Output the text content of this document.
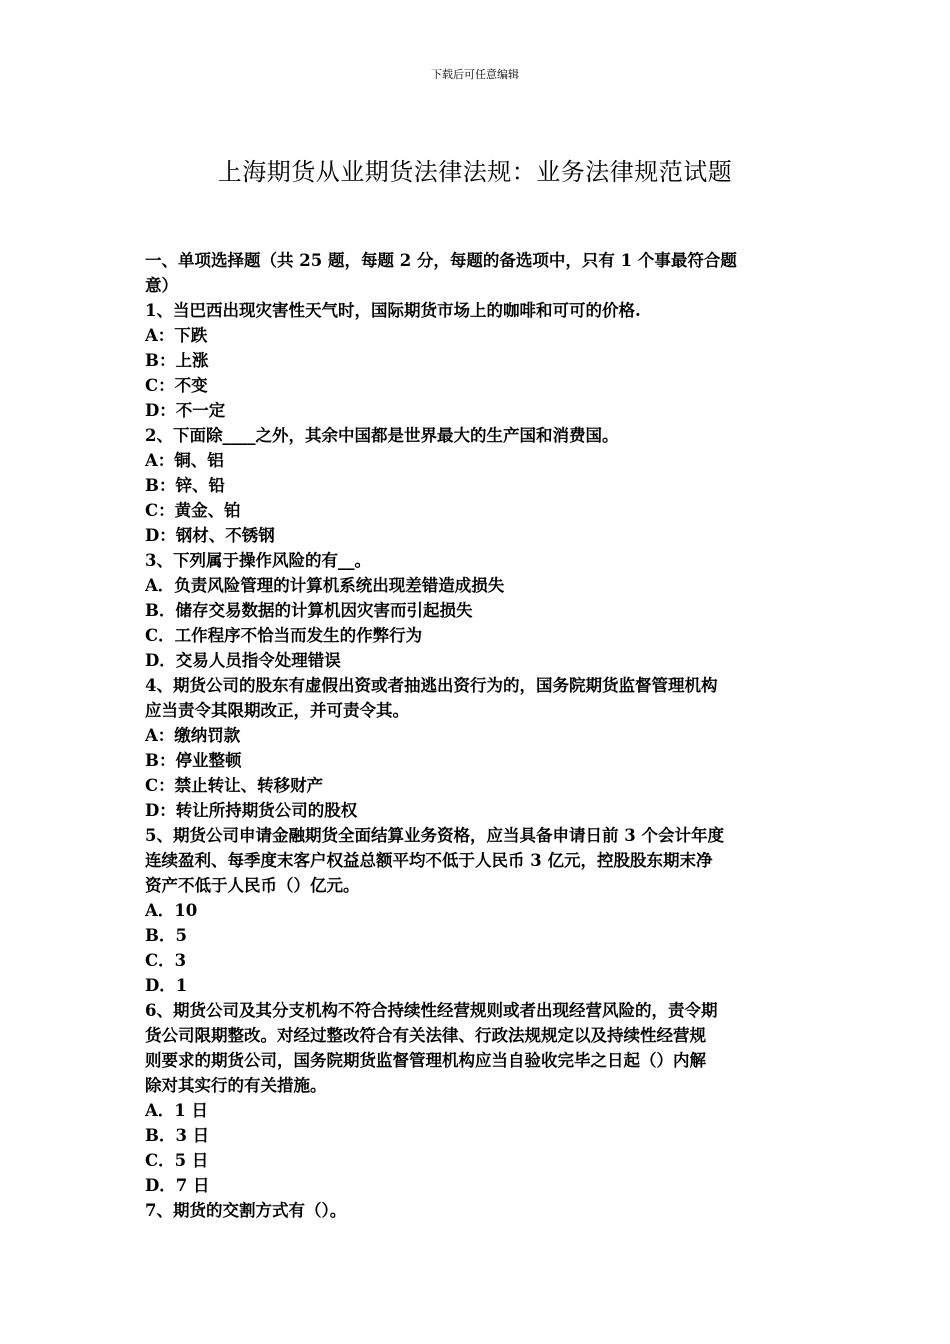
下载后可任意编辑
上海期货从业期货法律法规：业务法律规范试题
一、单项选择题（共 25 题，每题 2 分，每题的备选项中，只有 1 个事最符合题
意）
1、当巴西出现灾害性天气时，国际期货市场上的咖啡和可可的价格.
A：下跌
B：上涨
C：不变
D：不一定
2、下面除____之外，其余中国都是世界最大的生产国和消费国。
A：铜、铝
B：锌、铅
C：黄金、铂
D：钢材、不锈钢
3、下列属于操作风险的有__。
A．负责风险管理的计算机系统出现差错造成损失
B．储存交易数据的计算机因灾害而引起损失
C．工作程序不恰当而发生的作弊行为
D．交易人员指令处理错误
4、期货公司的股东有虚假出资或者抽逃出资行为的，国务院期货监督管理机构
应当责令其限期改正，并可责令其。
A：缴纳罚款
B：停业整顿
C：禁止转让、转移财产
D：转让所持期货公司的股权
5、期货公司申请金融期货全面结算业务资格，应当具备申请日前 3 个会计年度
连续盈利、每季度末客户权益总额平均不低于人民币 3 亿元，控股股东期末净
资产不低于人民币（）亿元。
A．10
B．5
C．3
D．1
6、期货公司及其分支机构不符合持续性经营规则或者出现经营风险的，责令期
货公司限期整改。对经过整改符合有关法律、行政法规规定以及持续性经营规
则要求的期货公司，国务院期货监督管理机构应当自验收完毕之日起（）内解
除对其实行的有关措施。
A．1 日
B．3 日
C．5 日
D．7 日
7、期货的交割方式有（）。
